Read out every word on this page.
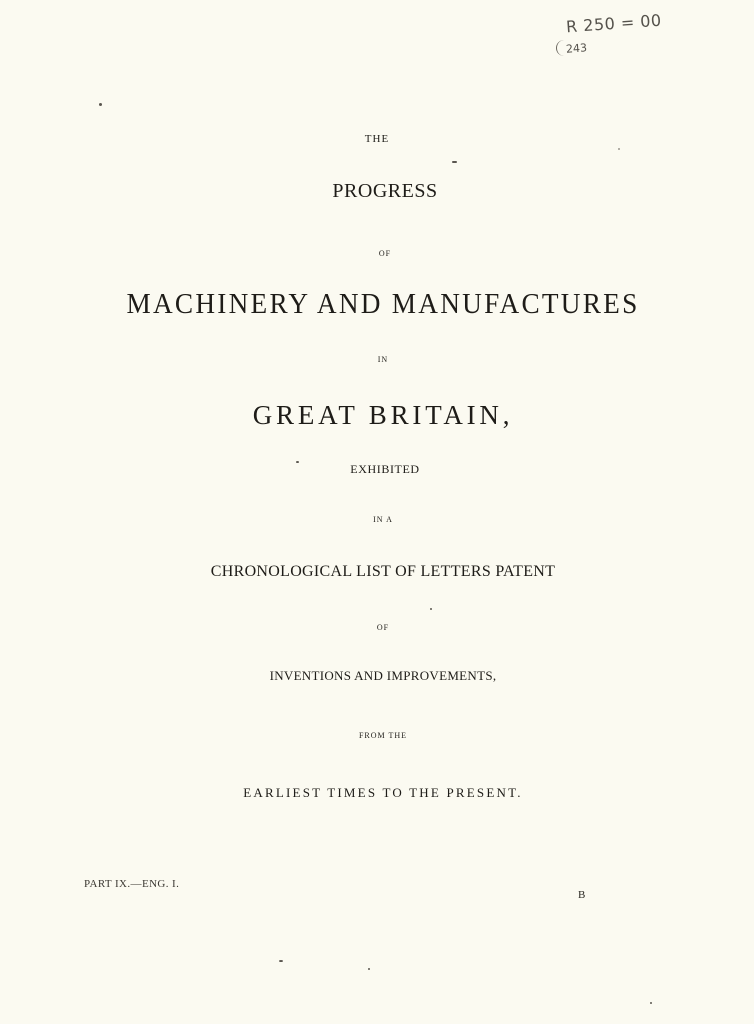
THE
PROGRESS
OF
MACHINERY AND MANUFACTURES
IN
GREAT BRITAIN,
EXHIBITED
IN A
CHRONOLOGICAL LIST OF LETTERS PATENT
OF
INVENTIONS AND IMPROVEMENTS,
FROM THE
EARLIEST TIMES TO THE PRESENT.
PART IX.—ENG. I.
B
R 250 = 00
243
